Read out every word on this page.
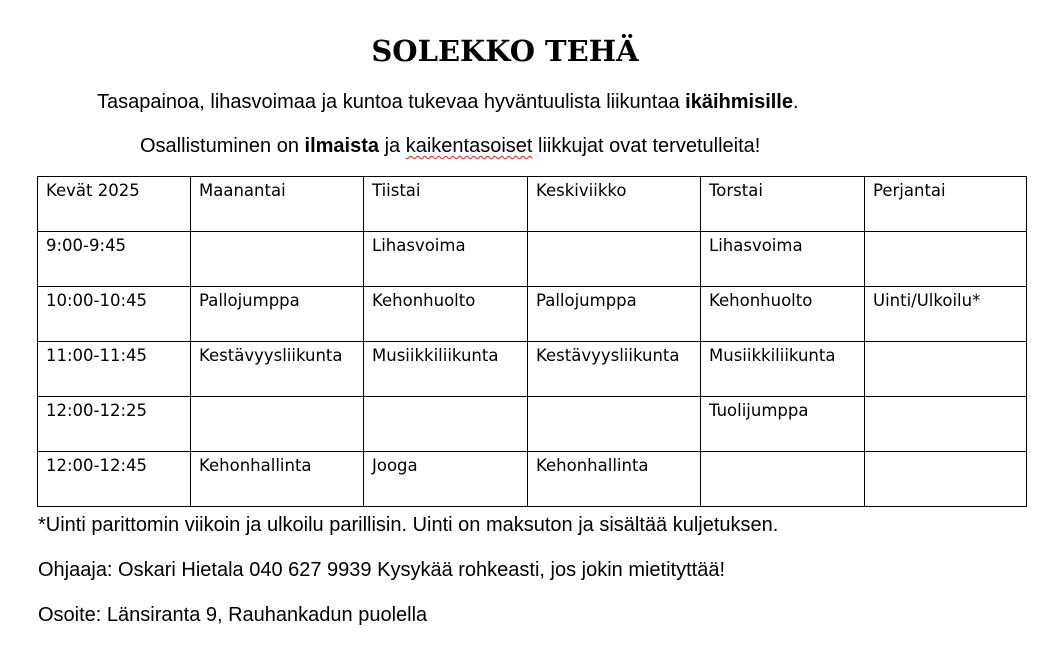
SOLEKKO TEHÄ
Tasapainoa, lihasvoimaa ja kuntoa tukevaa hyväntuulista liikuntaa ikäihmisille.
Osallistuminen on ilmaista ja kaikentasoiset liikkujat ovat tervetulleita!
Kevät 2025	Maanantai	Tiistai	Keskiviikko	Torstai	Perjantai
9:00-9:45		Lihasvoima		Lihasvoima	
10:00-10:45	Pallojumppa	Kehonhuolto	Pallojumppa	Kehonhuolto	Uinti/Ulkoilu*
11:00-11:45	Kestävyysliikunta	Musiikkiliikunta	Kestävyysliikunta	Musiikkiliikunta	
12:00-12:25				Tuolijumppa	
12:00-12:45	Kehonhallinta	Jooga	Kehonhallinta		
*Uinti parittomin viikoin ja ulkoilu parillisin. Uinti on maksuton ja sisältää kuljetuksen.
Ohjaaja: Oskari Hietala 040 627 9939 Kysykää rohkeasti, jos jokin mietityttää!
Osoite: Länsiranta 9, Rauhankadun puolella
